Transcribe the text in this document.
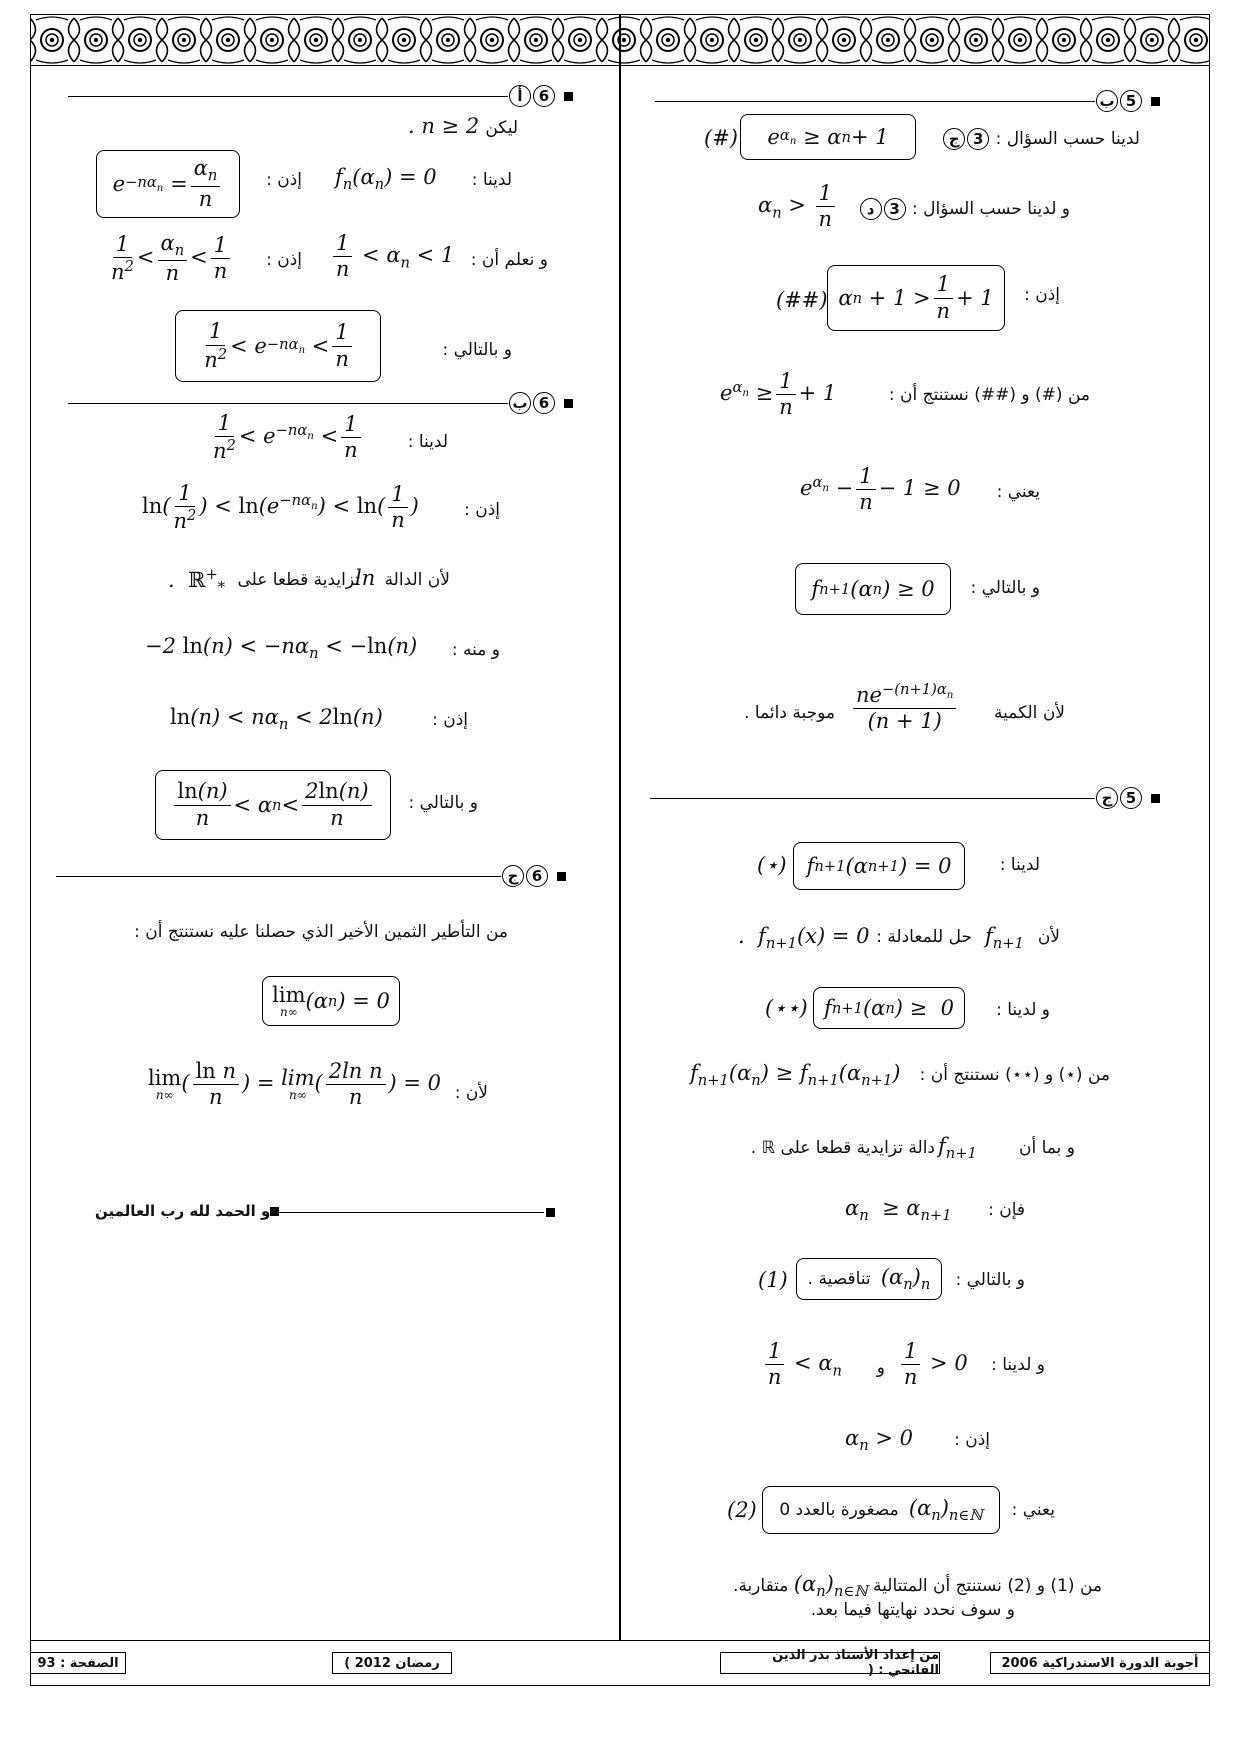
ب 5
لدينا حسب السؤال : 3ج
e $\alpha_n \ge \alpha$ n + 1
(#)
و لدينا حسب السؤال : 3د
$\alpha_n > \frac{1}{n}$
إذن :
α $n + 1 > \frac{1}{n} + 1$
(##)
من (#) و (##) نستنتج أن :
$e^{\alpha_n} \ge \frac{1}{n} + 1$
يعني :
$e^{\alpha_n} - \frac{1}{n} - 1 \ge 0$
و بالتالي :
f n+1 (α n ) ≥ 0
لأن الكمية
$\frac{ne^{-(n+1)\alpha_n}}{(n + 1)}$
موجبة دائما .
ج 5
لدينا :
f n+1 (α n+1 ) = 0
(⋆)
لأن
$f_{n+1}$
حل للمعادلة :
.  $f_{n+1}(x) = 0$
و لدينا :
f n+1 (α n ) ≥  0
(⋆⋆)
من (⋆) و (⋆⋆) نستنتج أن :
$f_{n+1}(\alpha_n) \ge f_{n+1}(\alpha_{n+1})$
و بما أن
$f_{n+1}$
دالة تزايدية قطعا على ℝ .
فإن :
$\alpha_n \ge \alpha_{n+1}$
و بالتالي :
$(\alpha_n)_n$

تناقصية .
(1)
و لدينا :
$\frac{1}{n} > 0$
و
$\frac{1}{n} < \alpha_n$
إذن :
$\alpha_n > 0$
يعني :
$(\alpha_n)_{n\in ℕ}$

مصغورة بالعدد 0
(2)
من (1) و (2) نستنتج أن المتتالية $(\alpha_n)_{n\in ℕ}$ متقاربة.
و سوف نحدد نهايتها فيما بعد.
أ	6
ليكن
. n ≥ 2
لدينا :
$f_n(\alpha_n) = 0$
إذن :
$e -n\alpha_n = \frac{\alpha_n}{n}$
و نعلم أن :
$\frac{1}{n} < \alpha_n < 1$
إذن :
$\frac{1}{n^2} < \frac{\alpha_n}{n} < \frac{1}{n}$
و بالتالي :
$\frac{1}{n^2} < e -n\alpha_n < \frac{1}{n}$
ب 6
لدينا :
$\frac{1}{n^2} < e^{-n\alpha_n} < \frac{1}{n}$
إذن :
$\ln( \frac{1}{n^2}$ ) < $\ln(e^{-n\alpha_n}) < \ln( \frac{1}{n}$ )
لأن الدالة
ln
تزايدية قطعا على
.  ℝ+$_*$
و منه :
−2 $\ln(n) < -n\alpha_n < -\ln(n)$
إذن :
$\ln(n) < n\alpha_n < 2\ln(n)$
و بالتالي :
$\frac{\ln(n)}{n} < \alpha$ $n < \frac{2\ln(n)}{n}$
ج 6
من التأطير الثمين الأخير الذي حصلنا عليه نستنتج أن :
lim
n∞ (α n ) = 0
لأن :
lim
n∞ ( $\frac{\text{ln n}}{n}$ ) = lim
n∞ ( $\frac{\text{2ln n}}{n}$ ) = 0
و الحمد لله رب العالمين
الصفحة : 93	رمضان 2012 )	من إعداد الأستاذ بدر الدين الفاتحي : (	أجوبة الدورة الاستدراكية 2006
